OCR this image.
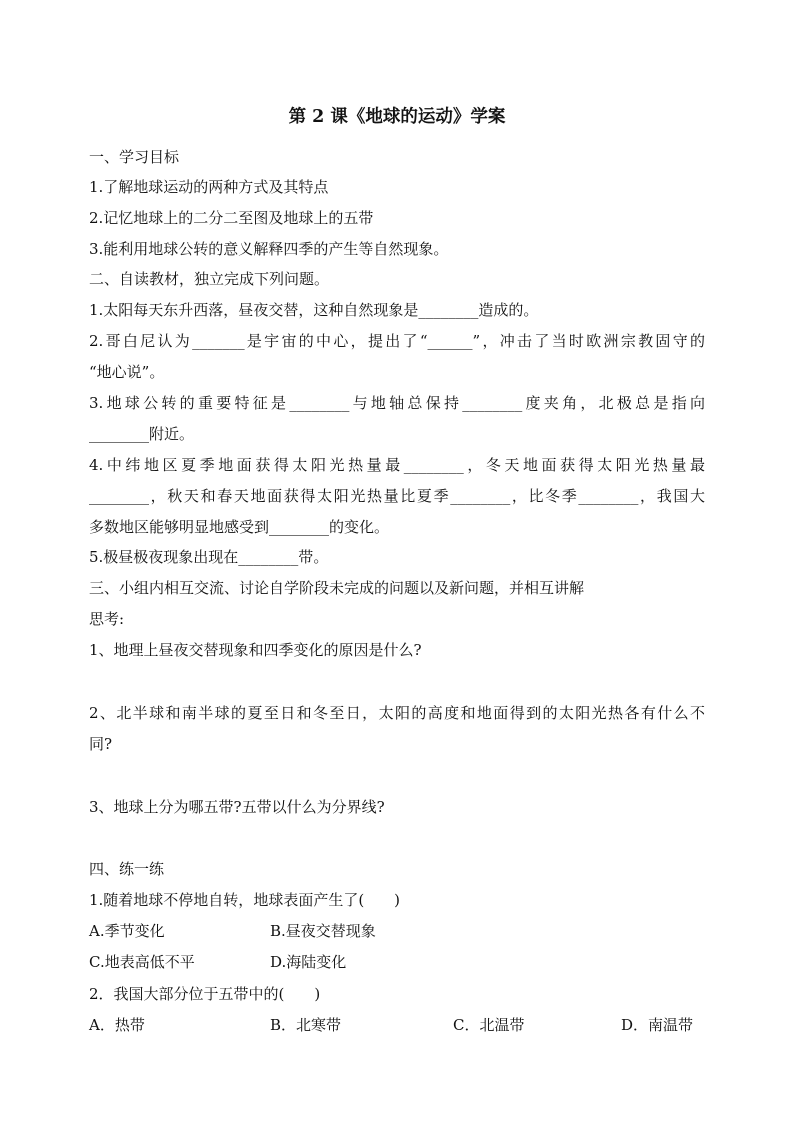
第 2 课《地球的运动》学案
一、学习目标
1.了解地球运动的两种方式及其特点
2.记忆地球上的二分二至图及地球上的五带
3.能利用地球公转的意义解释四季的产生等自然现象。
二、自读教材，独立完成下列问题。
1.太阳每天东升西落，昼夜交替，这种自然现象是________造成的。
2.哥白尼认为_______是宇宙的中心，提出了“______”，冲击了当时欧洲宗教固守的
“地心说”。
3.地球公转的重要特征是________与地轴总保持________度夹角，北极总是指向
________附近。
4.中纬地区夏季地面获得太阳光热量最________，冬天地面获得太阳光热量最
________，秋天和春天地面获得太阳光热量比夏季________，比冬季________，我国大
多数地区能够明显地感受到________的变化。
5.极昼极夜现象出现在________带。
三、小组内相互交流、讨论自学阶段未完成的问题以及新问题，并相互讲解
思考:
1、地理上昼夜交替现象和四季变化的原因是什么?
2、北半球和南半球的夏至日和冬至日，太阳的高度和地面得到的太阳光热各有什么不
同?
3、地球上分为哪五带?五带以什么为分界线?
四、练一练
1.随着地球不停地自转，地球表面产生了(　　)
A.季节变化	B.昼夜交替现象
C.地表高低不平	D.海陆变化
2．我国大部分位于五带中的(　　)
A．热带	B．北寒带	C．北温带	D．南温带
